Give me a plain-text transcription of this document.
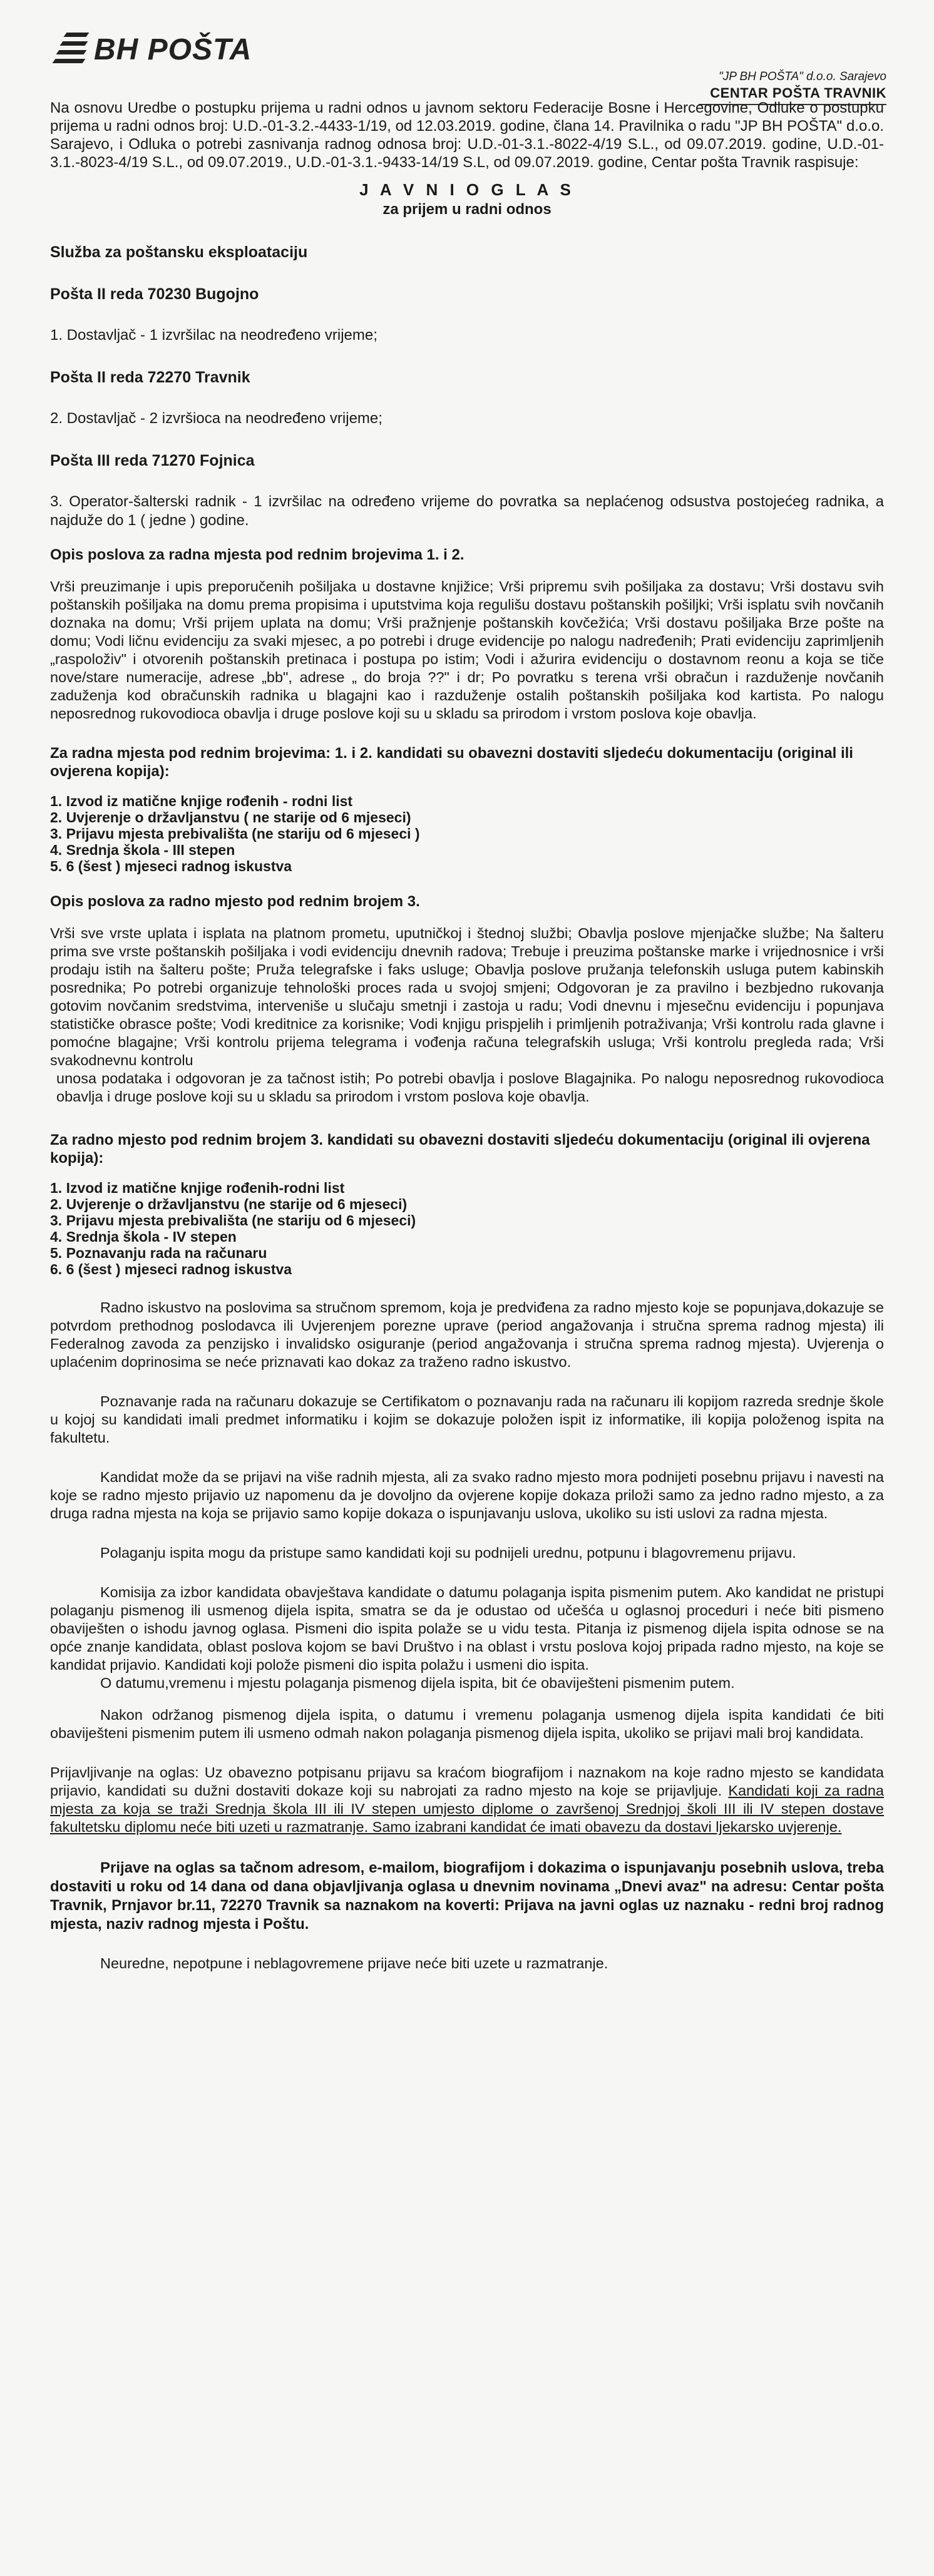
BH POŠTA
"JP BH POŠTA" d.o.o. Sarajevo
CENTAR POŠTA TRAVNIK

Na osnovu Uredbe o postupku prijema u radni odnos u javnom sektoru Federacije Bosne i Hercegovine, Odluke o postupku prijema u radni odnos broj: U.D.-01-3.2.-4433-1/19, od 12.03.2019. godine, člana 14. Pravilnika o radu "JP BH POŠTA" d.o.o. Sarajevo, i Odluka o potrebi zasnivanja radnog odnosa broj: U.D.-01-3.1.-8022-4/19 S.L., od 09.07.2019. godine, U.D.-01-3.1.-8023-4/19 S.L., od 09.07.2019., U.D.-01-3.1.-9433-14/19 S.L, od 09.07.2019. godine, Centar pošta Travnik raspisuje:

J A V N I O G L A S
za prijem u radni odnos
Služba za poštansku eksploataciju
Pošta II reda 70230 Bugojno
1. Dostavljač - 1 izvršilac na neodređeno vrijeme;
Pošta II reda 72270 Travnik
2. Dostavljač - 2 izvršioca na neodređeno vrijeme;
Pošta III reda 71270 Fojnica
3. Operator-šalterski radnik - 1 izvršilac na određeno vrijeme do povratka sa neplaćenog odsustva postojećeg radnika, a najduže do 1 ( jedne ) godine.
Opis poslova za radna mjesta pod rednim brojevima 1. i 2.
Vrši preuzimanje i upis preporučenih pošiljaka u dostavne knjižice; Vrši pripremu svih pošiljaka za dostavu; Vrši dostavu svih poštanskih pošiljaka na domu prema propisima i uputstvima koja regulišu dostavu poštanskih pošiljki; Vrši isplatu svih novčanih doznaka na domu; Vrši prijem uplata na domu; Vrši pražnjenje poštanskih kovčežića; Vrši dostavu pošiljaka Brze pošte na domu; Vodi ličnu evidenciju za svaki mjesec, a po potrebi i druge evidencije po nalogu nadređenih; Prati evidenciju zaprimljenih „raspoloživ" i otvorenih poštanskih pretinaca i postupa po istim; Vodi i ažurira evidenciju o dostavnom reonu a koja se tiče nove/stare numeracije, adrese „bb", adrese „ do broja ??" i dr; Po povratku s terena vrši obračun i razduženje novčanih zaduženja kod obračunskih radnika u blagajni kao i razduženje ostalih poštanskih pošiljaka kod kartista. Po nalogu neposrednog rukovodioca obavlja i druge poslove koji su u skladu sa prirodom i vrstom poslova koje obavlja.
Za radna mjesta pod rednim brojevima: 1. i 2. kandidati su obavezni dostaviti sljedeću dokumentaciju (original ili ovjerena kopija):
1. Izvod iz matične knjige rođenih - rodni list
2. Uvjerenje o državljanstvu ( ne starije od 6 mjeseci)
3. Prijavu mjesta prebivališta (ne stariju od 6 mjeseci )
4. Srednja škola - III stepen
5. 6 (šest ) mjeseci radnog iskustva
Opis poslova za radno mjesto pod rednim brojem 3.
Vrši sve vrste uplata i isplata na platnom prometu, uputničkoj i štednoj službi; Obavlja poslove mjenjačke službe; Na šalteru prima sve vrste poštanskih pošiljaka i vodi evidenciju dnevnih radova; Trebuje i preuzima poštanske marke i vrijednosnice i vrši prodaju istih na šalteru pošte; Pruža telegrafske i faks usluge; Obavlja poslove pružanja telefonskih usluga putem kabinskih posrednika; Po potrebi organizuje tehnološki proces rada u svojoj smjeni; Odgovoran je za pravilno i bezbjedno rukovanja gotovim novčanim sredstvima, interveniše u slučaju smetnji i zastoja u radu; Vodi dnevnu i mjesečnu evidenciju i popunjava statističke obrasce pošte; Vodi kreditnice za korisnike; Vodi knjigu prispjelih i primljenih potraživanja; Vrši kontrolu rada glavne i pomoćne blagajne; Vrši kontrolu prijema telegrama i vođenja računa telegrafskih usluga; Vrši kontrolu pregleda rada; Vrši svakodnevnu kontrolu
unosa podataka i odgovoran je za tačnost istih; Po potrebi obavlja i poslove Blagajnika. Po nalogu neposrednog rukovodioca obavlja i druge poslove koji su u skladu sa prirodom i vrstom poslova koje obavlja.
Za radno mjesto pod rednim brojem 3. kandidati su obavezni dostaviti sljedeću dokumentaciju (original ili ovjerena kopija):
1. Izvod iz matične knjige rođenih-rodni list
2. Uvjerenje o državljanstvu (ne starije od 6 mjeseci)
3. Prijavu mjesta prebivališta (ne stariju od 6 mjeseci)
4. Srednja škola - IV stepen
5. Poznavanju rada na računaru
6. 6 (šest ) mjeseci radnog iskustva
Radno iskustvo na poslovima sa stručnom spremom, koja je predviđena za radno mjesto koje se popunjava,dokazuje se potvrdom prethodnog poslodavca ili Uvjerenjem porezne uprave (period angažovanja i stručna sprema radnog mjesta) ili Federalnog zavoda za penzijsko i invalidsko osiguranje (period angažovanja i stručna sprema radnog mjesta). Uvjerenja o uplaćenim doprinosima se neće priznavati kao dokaz za traženo radno iskustvo.
Poznavanje rada na računaru dokazuje se Certifikatom o poznavanju rada na računaru ili kopijom razreda srednje škole u kojoj su kandidati imali predmet informatiku i kojim se dokazuje položen ispit iz informatike, ili kopija položenog ispita na fakultetu.
Kandidat može da se prijavi na više radnih mjesta, ali za svako radno mjesto mora podnijeti posebnu prijavu i navesti na koje se radno mjesto prijavio uz napomenu da je dovoljno da ovjerene kopije dokaza priloži samo za jedno radno mjesto, a za druga radna mjesta na koja se prijavio samo kopije dokaza o ispunjavanju uslova, ukoliko su isti uslovi za radna mjesta.
Polaganju ispita mogu da pristupe samo kandidati koji su podnijeli urednu, potpunu i blagovremenu prijavu.
Komisija za izbor kandidata obavještava kandidate o datumu polaganja ispita pismenim putem. Ako kandidat ne pristupi polaganju pismenog ili usmenog dijela ispita, smatra se da je odustao od učešća u oglasnoj proceduri i neće biti pismeno obaviješten o ishodu javnog oglasa. Pismeni dio ispita polaže se u vidu testa. Pitanja iz pismenog dijela ispita odnose se na opće znanje kandidata, oblast poslova kojom se bavi Društvo i na oblast i vrstu poslova kojoj pripada radno mjesto, na koje se kandidat prijavio. Kandidati koji polože pismeni dio ispita polažu i usmeni dio ispita.
O datumu,vremenu i mjestu polaganja pismenog dijela ispita, bit će obaviješteni pismenim putem.
Nakon održanog pismenog dijela ispita, o datumu i vremenu polaganja usmenog dijela ispita kandidati će biti obaviješteni pismenim putem ili usmeno odmah nakon polaganja pismenog dijela ispita, ukoliko se prijavi mali broj kandidata.
Prijavljivanje na oglas: Uz obavezno potpisanu prijavu sa kraćom biografijom i naznakom na koje radno mjesto se kandidata prijavio, kandidati su dužni dostaviti dokaze koji su nabrojati za radno mjesto na koje se prijavljuje. Kandidati koji za radna mjesta za koja se traži Srednja škola III ili IV stepen umjesto diplome o završenoj Srednjoj školi III ili IV stepen dostave fakultetsku diplomu neće biti uzeti u razmatranje. Samo izabrani kandidat će imati obavezu da dostavi ljekarsko uvjerenje.
Prijave na oglas sa tačnom adresom, e-mailom, biografijom i dokazima o ispunjavanju posebnih uslova, treba dostaviti u roku od 14 dana od dana objavljivanja oglasa u dnevnim novinama „Dnevi avaz" na adresu: Centar pošta Travnik, Prnjavor br.11, 72270 Travnik sa naznakom na koverti: Prijava na javni oglas uz naznaku - redni broj radnog mjesta, naziv radnog mjesta i Poštu.
Neuredne, nepotpune i neblagovremene prijave neće biti uzete u razmatranje.
